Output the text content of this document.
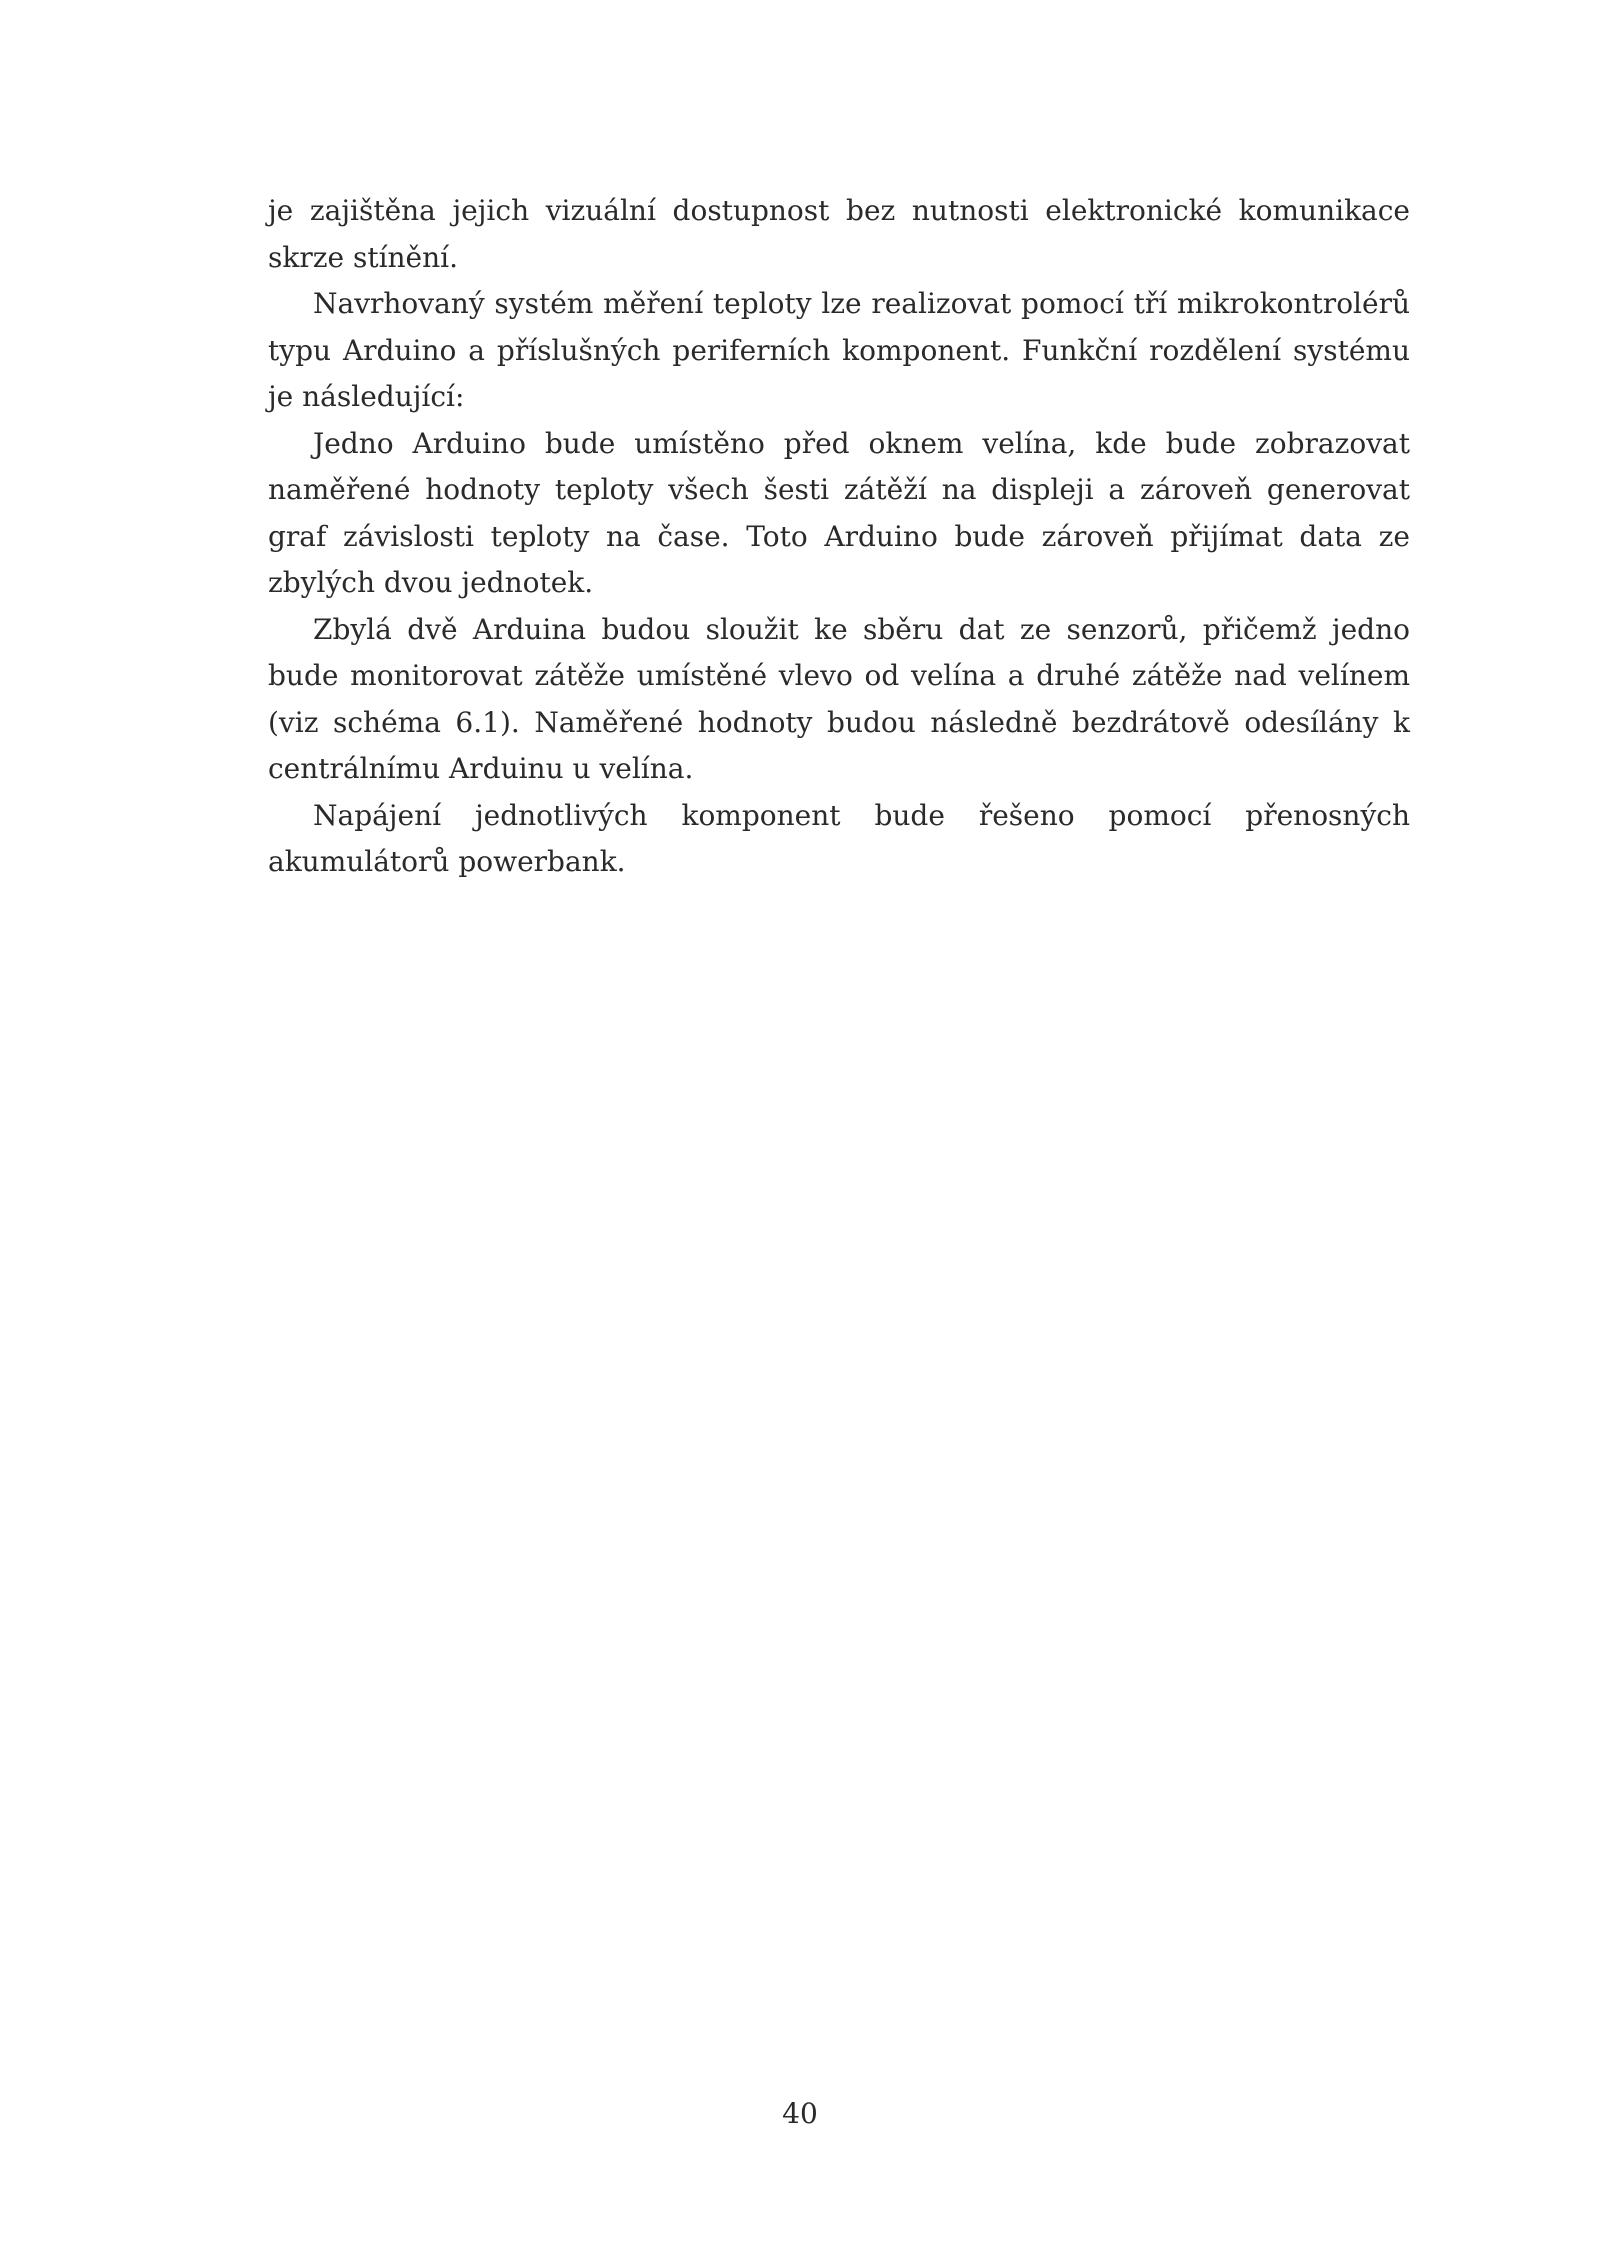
je zajištěna jejich vizuální dostupnost bez nutnosti elektronické komunikace skrze stínění.

Navrhovaný systém měření teploty lze realizovat pomocí tří mikrokontrolérů typu Arduino a příslušných periferních komponent. Funkční rozdělení systému je následující:

Jedno Arduino bude umístěno před oknem velína, kde bude zobrazovat naměřené hodnoty teploty všech šesti zátěží na displeji a zároveň generovat graf závislosti teploty na čase. Toto Arduino bude zároveň přijímat data ze zbylých dvou jednotek.

Zbylá dvě Arduina budou sloužit ke sběru dat ze senzorů, přičemž jedno bude monitorovat zátěže umístěné vlevo od velína a druhé zátěže nad velínem (viz schéma 6.1). Naměřené hodnoty budou následně bezdrátově odesílány k centrálnímu Arduinu u velína.

Napájení jednotlivých komponent bude řešeno pomocí přenosných akumulátorů powerbank.

40
